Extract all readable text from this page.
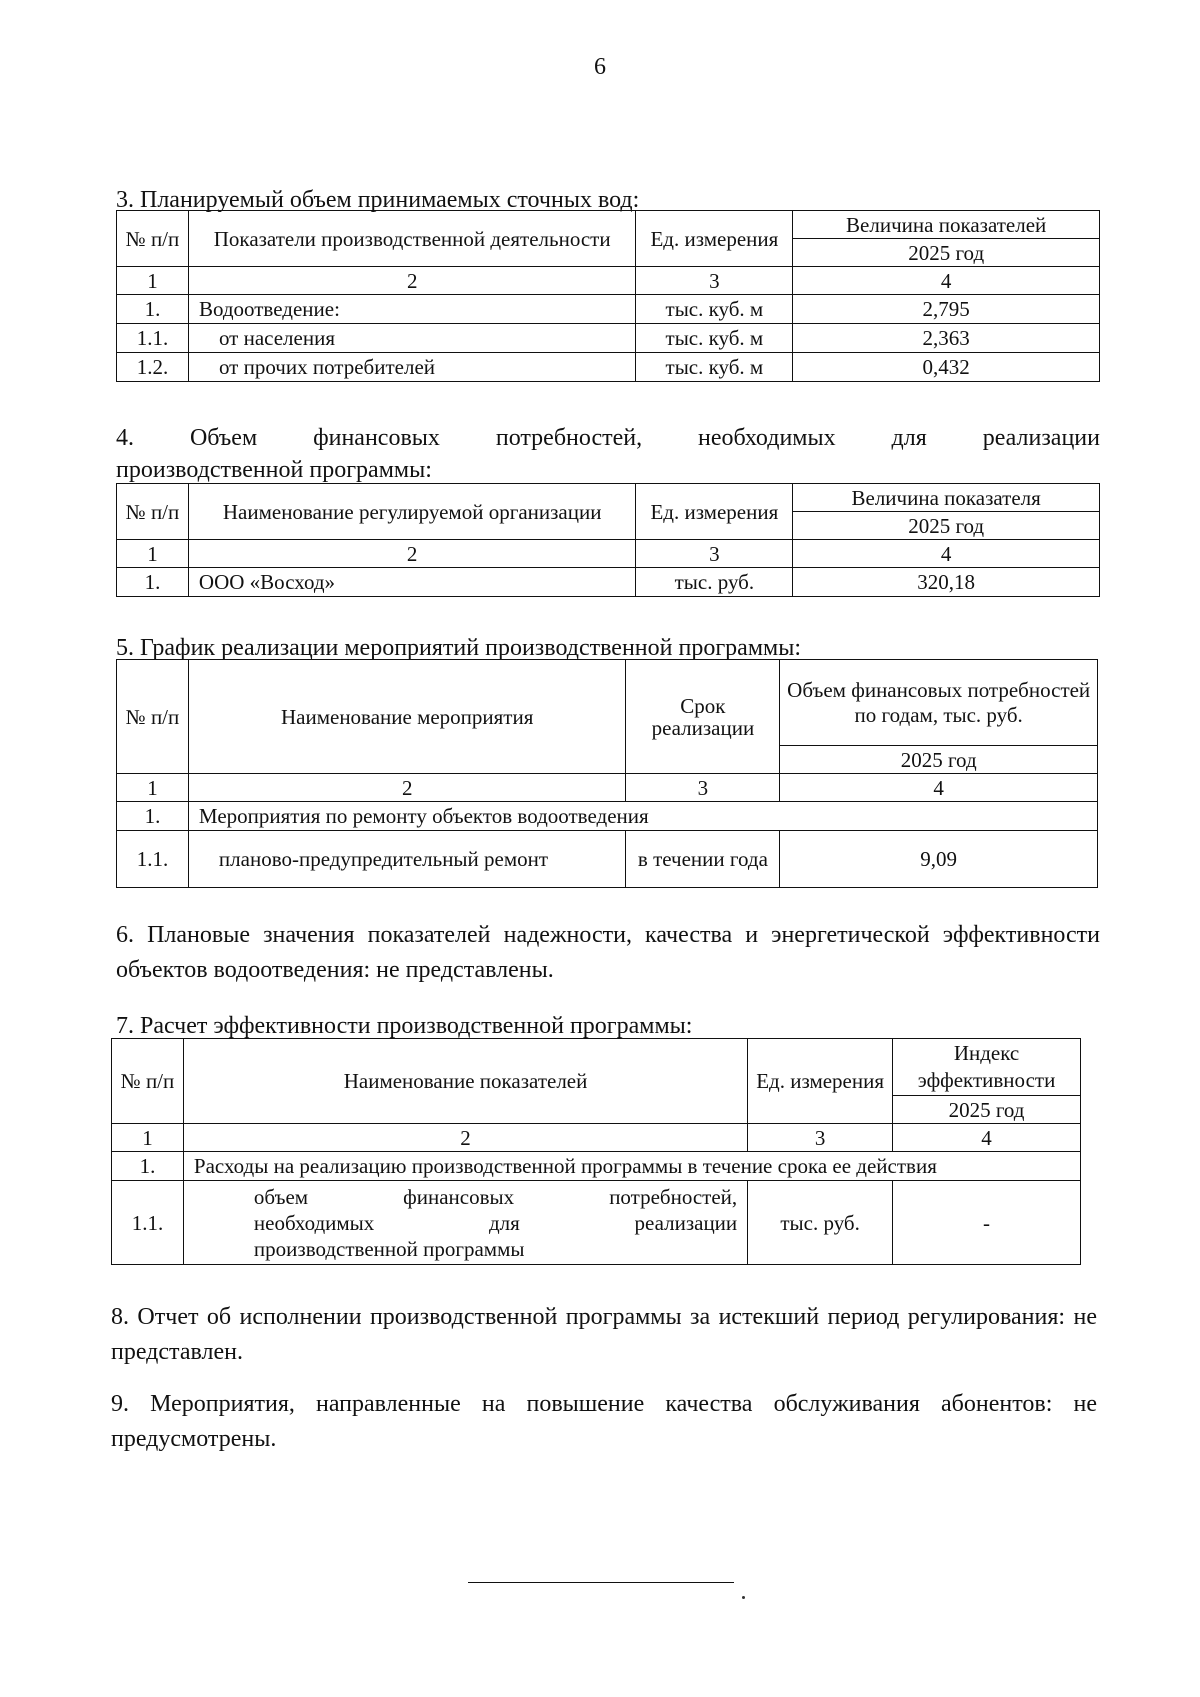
6
3. Планируемый объем принимаемых сточных вод:
№ п/п	Показатели производственной деятельности	Ед. измерения	Величина показателей
			2025 год
1	2	3	4
1.	Водоотведение:	тыс. куб. м	2,795
1.1.	от населения	тыс. куб. м	2,363
1.2.	от прочих потребителей	тыс. куб. м	0,432
4. Объем финансовых потребностей, необходимых для реализации
производственной программы:
№ п/п	Наименование регулируемой организации	Ед. измерения	Величина показателя
			2025 год
1	2	3	4
1.	ООО «Восход»	тыс. руб.	320,18
5. График реализации мероприятий производственной программы:
№ п/п	Наименование мероприятия	Срок реализации	Объем финансовых потребностей по годам, тыс. руб.
			2025 год
1	2	3	4
1.	Мероприятия по ремонту объектов водоотведения		
1.1.	планово-предупредительный ремонт	в течении года	9,09
6. Плановые значения показателей надежности, качества и энергетической эффективности объектов водоотведения: не представлены.
7. Расчет эффективности производственной программы:
№ п/п	Наименование показателей	Ед. измерения	Индекс эффективности
			2025 год
1	2	3	4
1.	Расходы на реализацию производственной программы в течение срока ее действия		
1.1.	объем финансовых потребностей,
необходимых для реализации
производственной программы	тыс. руб.	-
8. Отчет об исполнении производственной программы за истекший период регулирования: не представлен.
9. Мероприятия, направленные на повышение качества обслуживания абонентов: не предусмотрены.
